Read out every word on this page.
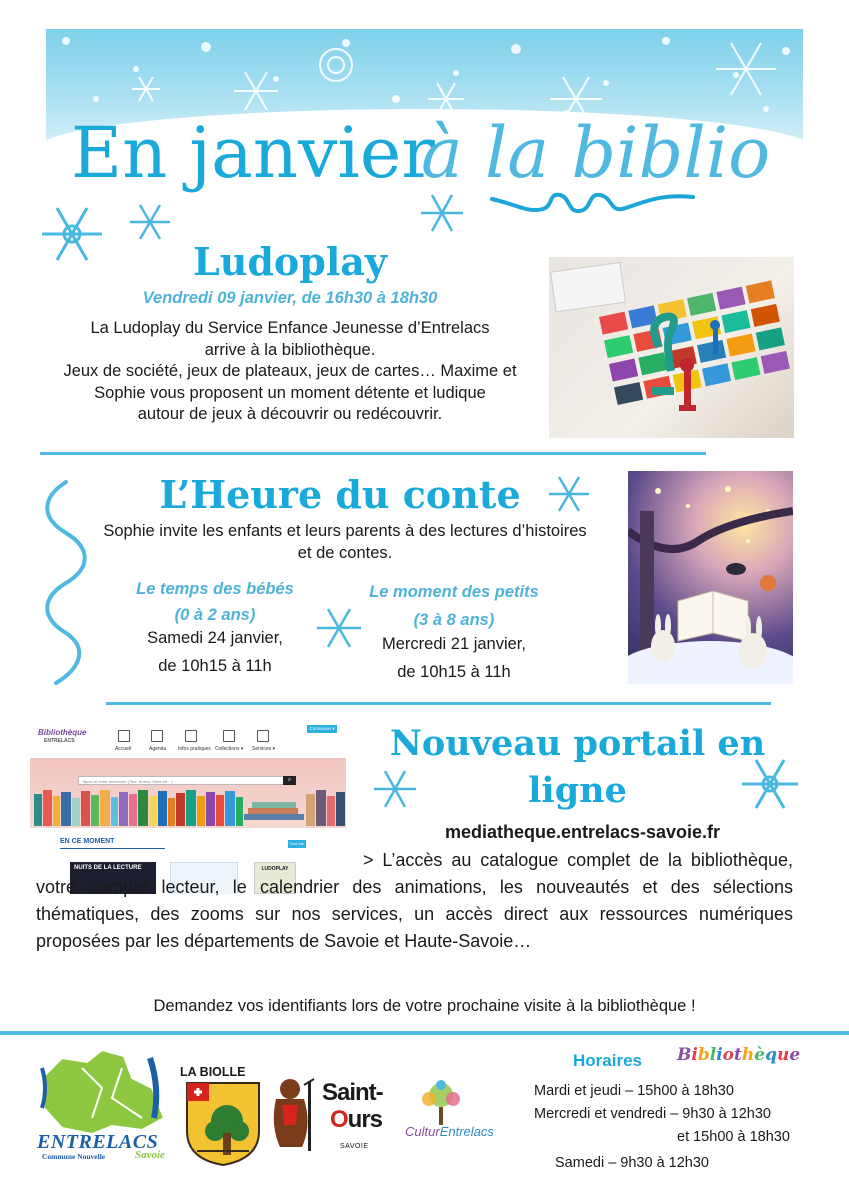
En janvier
à la biblio
Ludoplay
Vendredi 09 janvier, de 16h30 à 18h30
La Ludoplay du Service Enfance Jeunesse d’Entrelacs
arrive à la bibliothèque.
Jeux de société, jeux de plateaux, jeux de cartes… Maxime et
Sophie vous proposent un moment détente et ludique
autour de jeux à découvrir ou redécouvrir.
L’Heure du conte
Sophie invite les enfants et leurs parents à des lectures d’histoires
et de contes.
Le temps des bébés
(0 à 2 ans)
Samedi 24 janvier,
de 10h15 à 11h
Le moment des petits
(3 à 8 ans)
Mercredi 21 janvier,
de 10h15 à 11h
Bibliothèque
ENTRELACS
Accueil	Agenda Infos pratiques Collections ▾ Services ▾
Connexion ▾
Tapez ici votre recherche (Titre, Auteur, Mots clé…)	⌕
EN CE MOMENT	Tout voir
NUITS DE LA LECTURE	LUDOPLAY
Nouveau portail en ligne
mediatheque.entrelacs-savoie.fr
> L’accès au catalogue complet de la bibliothèque, votre compte lecteur, le calendrier des animations, les nouveautés et des sélections thématiques, des zooms sur nos services, un accès direct aux ressources numériques proposées par les départements de Savoie et Haute-Savoie…
Demandez vos identifiants lors de votre prochaine visite à la bibliothèque !
ENTRELACS
Commune Nouvelle	Savoie
LA BIOLLE
Saint-
Ours
SAVOIE
CulturEntrelacs
Horaires Bibliothèque
Mardi et jeudi – 15h00 à 18h30
Mercredi et vendredi – 9h30 à 12h30
et 15h00 à 18h30
Samedi – 9h30 à 12h30
